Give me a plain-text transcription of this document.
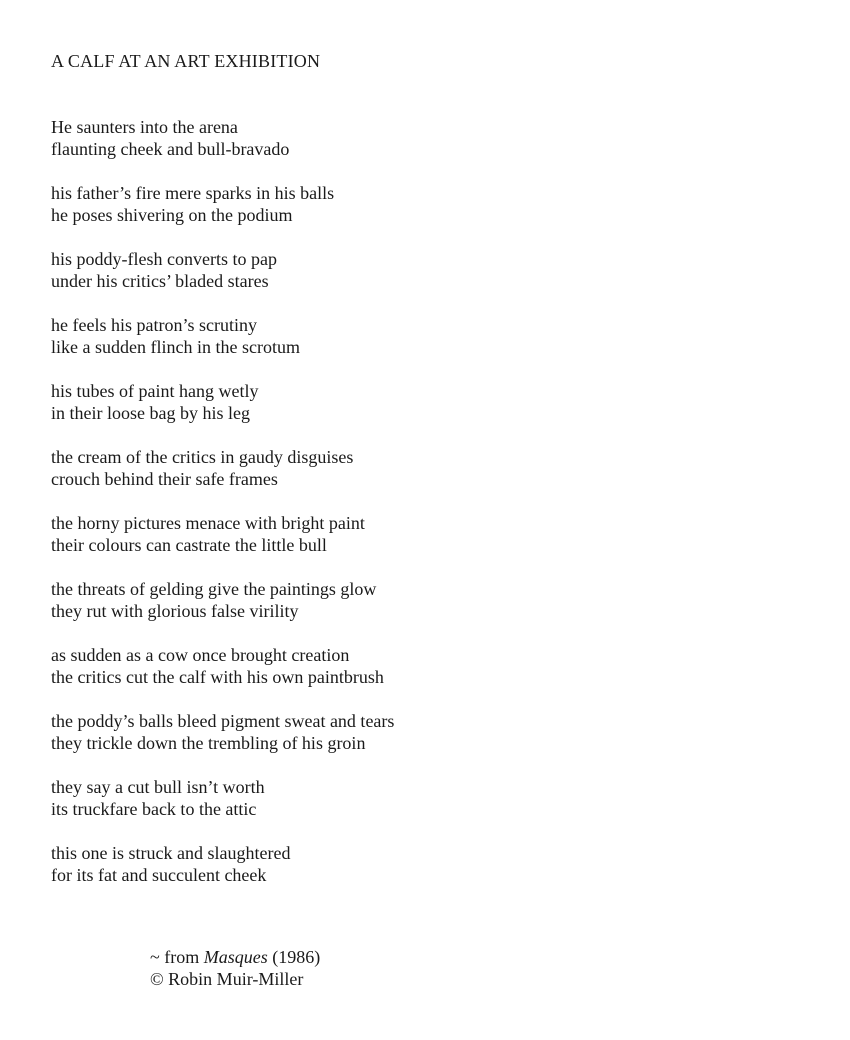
A CALF AT AN ART EXHIBITION
He saunters into the arena
flaunting cheek and bull-bravado
his father’s fire mere sparks in his balls
he poses shivering on the podium
his poddy-flesh converts to pap
under his critics’ bladed stares
he feels his patron’s scrutiny
like a sudden flinch in the scrotum
his tubes of paint hang wetly
in their loose bag by his leg
the cream of the critics in gaudy disguises
crouch behind their safe frames
the horny pictures menace with bright paint
their colours can castrate the little bull
the threats of gelding give the paintings glow
they rut with glorious false virility
as sudden as a cow once brought creation
the critics cut the calf with his own paintbrush
the poddy’s balls bleed pigment sweat and tears
they trickle down the trembling of his groin
they say a cut bull isn’t worth
its truckfare back to the attic
this one is struck and slaughtered
for its fat and succulent cheek
~ from Masques (1986)
© Robin Muir-Miller
